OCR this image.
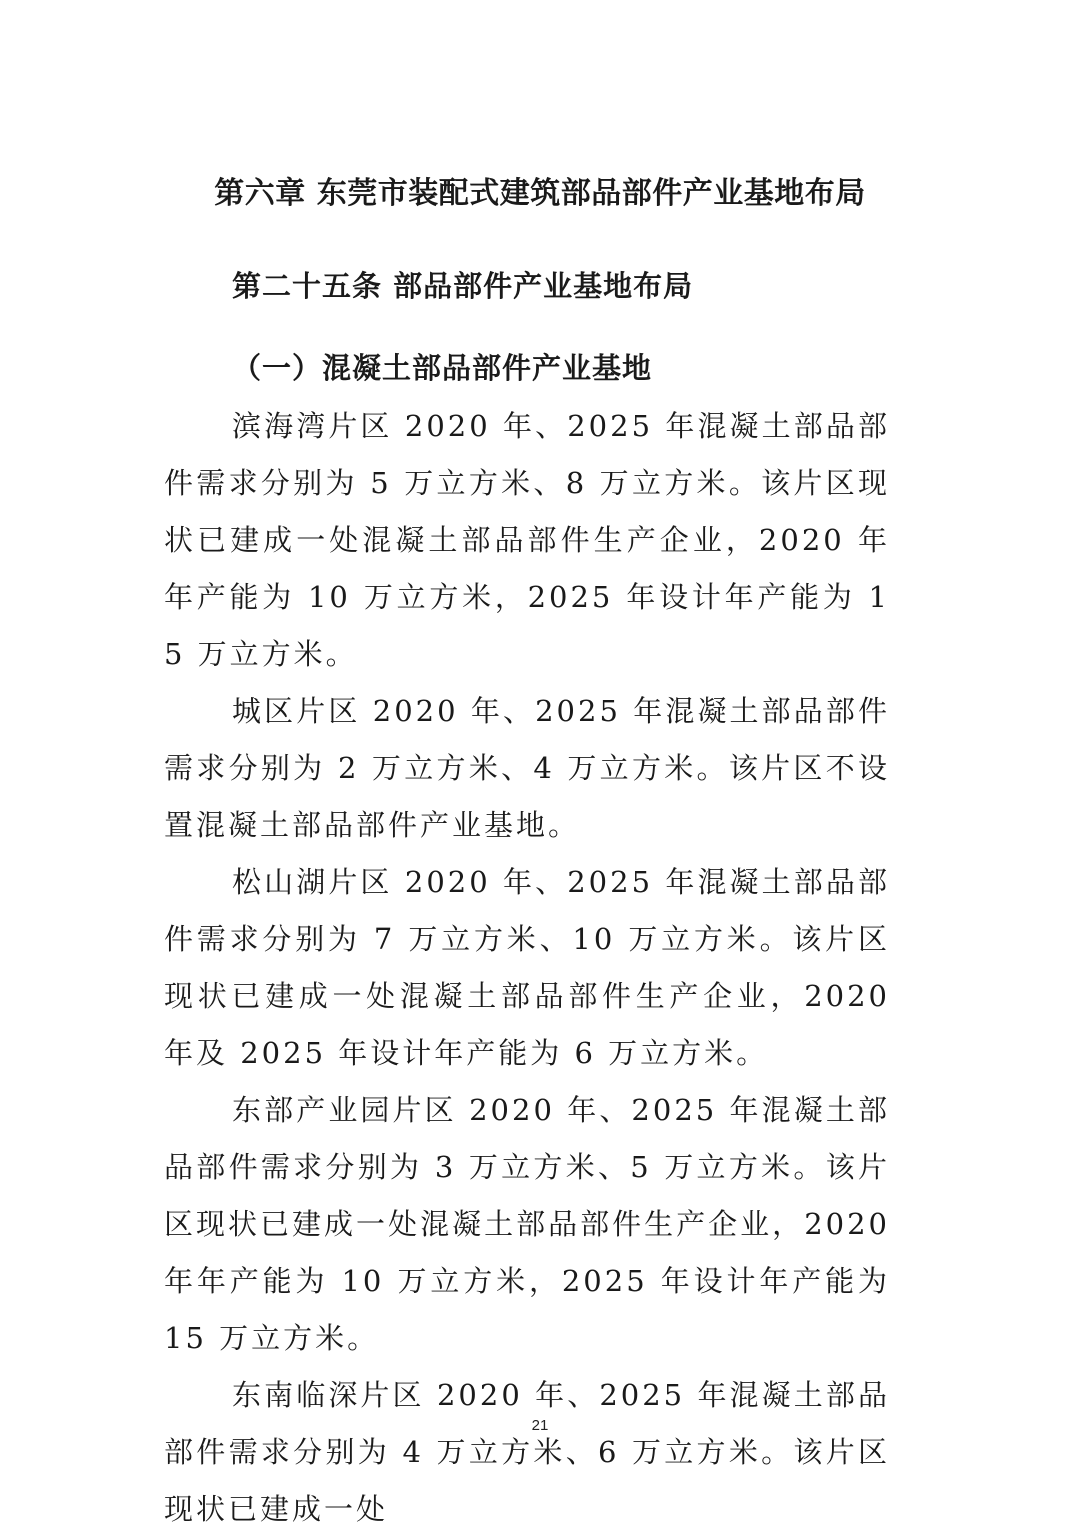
第六章 东莞市装配式建筑部品部件产业基地布局
第二十五条 部品部件产业基地布局
（一）混凝土部品部件产业基地

滨海湾片区 2020 年、2025 年混凝土部品部件需求分别为 5 万立方米、8 万立方米。该片区现状已建成一处混凝土部品部件生产企业，2020 年年产能为 10 万立方米，2025 年设计年产能为 15 万立方米。

城区片区 2020 年、2025 年混凝土部品部件需求分别为 2 万立方米、4 万立方米。该片区不设置混凝土部品部件产业基地。

松山湖片区 2020 年、2025 年混凝土部品部件需求分别为 7 万立方米、10 万立方米。该片区现状已建成一处混凝土部品部件生产企业，2020 年及 2025 年设计年产能为 6 万立方米。

东部产业园片区 2020 年、2025 年混凝土部品部件需求分别为 3 万立方米、5 万立方米。该片区现状已建成一处混凝土部品部件生产企业，2020 年年产能为 10 万立方米，2025 年设计年产能为 15 万立方米。

东南临深片区 2020 年、2025 年混凝土部品部件需求分别为 4 万立方米、6 万立方米。该片区现状已建成一处

21
